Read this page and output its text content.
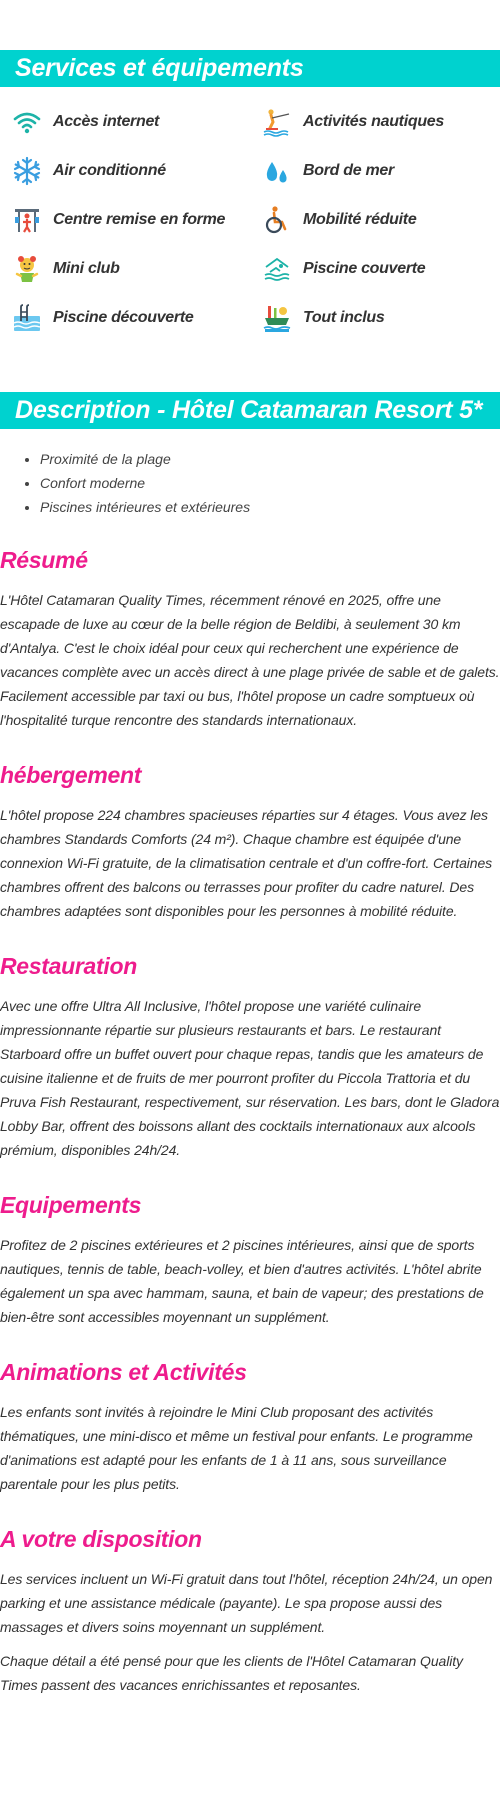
Services et équipements
Accès internet	Activités nautiques
Air conditionné	Bord de mer
Centre remise en forme	Mobilité réduite
Mini club	Piscine couverte
Piscine découverte	Tout inclus
Description - Hôtel Catamaran Resort 5*
• Proximité de la plage
• Confort moderne
• Piscines intérieures et extérieures
Résumé

L'Hôtel Catamaran Quality Times, récemment rénové en 2025, offre une escapade de luxe au cœur de la belle région de Beldibi, à seulement 30 km d'Antalya. C'est le choix idéal pour ceux qui recherchent une expérience de vacances complète avec un accès direct à une plage privée de sable et de galets. Facilement accessible par taxi ou bus, l'hôtel propose un cadre somptueux où l'hospitalité turque rencontre des standards internationaux.

hébergement

L'hôtel propose 224 chambres spacieuses réparties sur 4 étages. Vous avez les chambres Standards Comforts (24 m²). Chaque chambre est équipée d'une connexion Wi-Fi gratuite, de la climatisation centrale et d'un coffre-fort. Certaines chambres offrent des balcons ou terrasses pour profiter du cadre naturel. Des chambres adaptées sont disponibles pour les personnes à mobilité réduite.

Restauration

Avec une offre Ultra All Inclusive, l'hôtel propose une variété culinaire impressionnante répartie sur plusieurs restaurants et bars. Le restaurant Starboard offre un buffet ouvert pour chaque repas, tandis que les amateurs de cuisine italienne et de fruits de mer pourront profiter du Piccola Trattoria et du Pruva Fish Restaurant, respectivement, sur réservation. Les bars, dont le Gladora Lobby Bar, offrent des boissons allant des cocktails internationaux aux alcools prémium, disponibles 24h/24.

Equipements

Profitez de 2 piscines extérieures et 2 piscines intérieures, ainsi que de sports nautiques, tennis de table, beach-volley, et bien d'autres activités. L'hôtel abrite également un spa avec hammam, sauna, et bain de vapeur; des prestations de bien-être sont accessibles moyennant un supplément.

Animations et Activités

Les enfants sont invités à rejoindre le Mini Club proposant des activités thématiques, une mini-disco et même un festival pour enfants. Le programme d'animations est adapté pour les enfants de 1 à 11 ans, sous surveillance parentale pour les plus petits.

A votre disposition

Les services incluent un Wi-Fi gratuit dans tout l'hôtel, réception 24h/24, un open parking et une assistance médicale (payante). Le spa propose aussi des massages et divers soins moyennant un supplément.

Chaque détail a été pensé pour que les clients de l'Hôtel Catamaran Quality Times passent des vacances enrichissantes et reposantes.
